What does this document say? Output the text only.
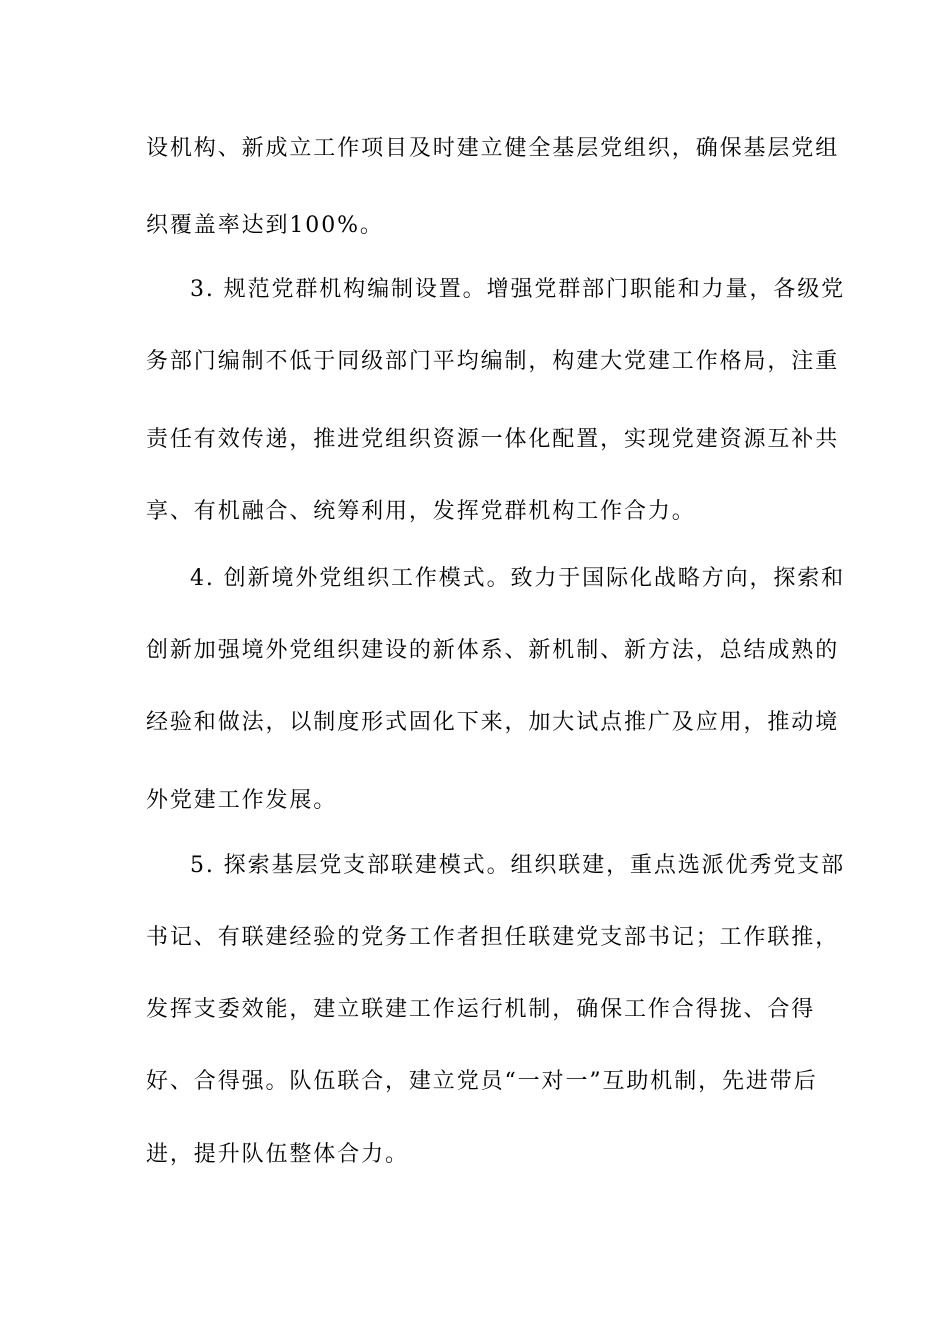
设机构、新成立工作项目及时建立健全基层党组织，确保基层党组
织覆盖率达到100%。
3. 规范党群机构编制设置。增强党群部门职能和力量，各级党
务部门编制不低于同级部门平均编制，构建大党建工作格局，注重
责任有效传递，推进党组织资源一体化配置，实现党建资源互补共
享、有机融合、统筹利用，发挥党群机构工作合力。
4. 创新境外党组织工作模式。致力于国际化战略方向，探索和
创新加强境外党组织建设的新体系、新机制、新方法，总结成熟的
经验和做法，以制度形式固化下来，加大试点推广及应用，推动境
外党建工作发展。
5. 探索基层党支部联建模式。组织联建，重点选派优秀党支部
书记、有联建经验的党务工作者担任联建党支部书记；工作联推，
发挥支委效能，建立联建工作运行机制，确保工作合得拢、合得
好、合得强。队伍联合，建立党员“一对一”互助机制，先进带后
进，提升队伍整体合力。
